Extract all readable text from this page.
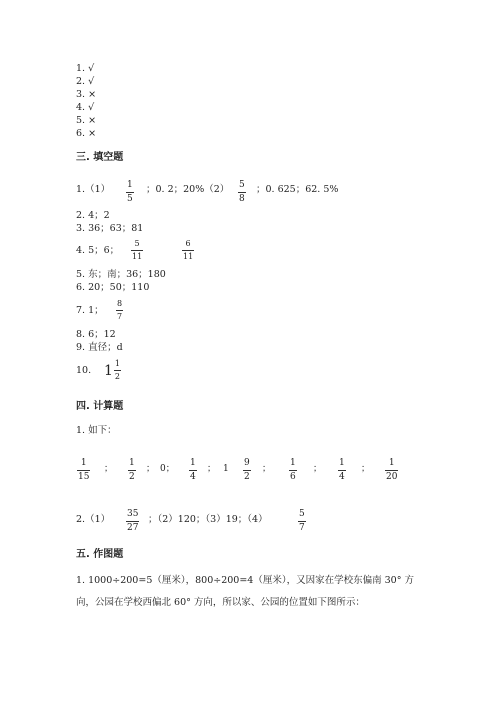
1. √
2. √
3. ×
4. √
5. ×
6. ×
三. 填空题
$1.(1) \frac{1}{5}$ ；0. 2；$20\%(2) \frac{5}{8}$ ；0. 625；62. 5%
2. 4；2
3. 36；63；81
4. 5；6； $\frac{5}{11}$	$\frac{6}{11}$
5. 东；南；36；180
6. 20；50；110
7. 1； $\frac{8}{7}$
8. 6；12
9. 直径；d
10. $1 \frac{1}{2}$
四. 计算题
1. 如下：
$\frac{1}{15}$ ； $\frac{1}{2}$ ； 0； $\frac{1}{4}$ ； $1 \frac{9}{2}$ ； $\frac{1}{6}$ ； $\frac{1}{4}$ ； $\frac{1}{20}$
$2.(1) \frac{35}{27}$ ；（2）120；（3）19；（4）	$\frac{5}{7}$
五. 作图题
1. 1000÷200=5（厘米），800÷200=4（厘米），又因家在学校东偏南 30° 方
向，公园在学校西偏北 60° 方向，所以家、公园的位置如下图所示：
